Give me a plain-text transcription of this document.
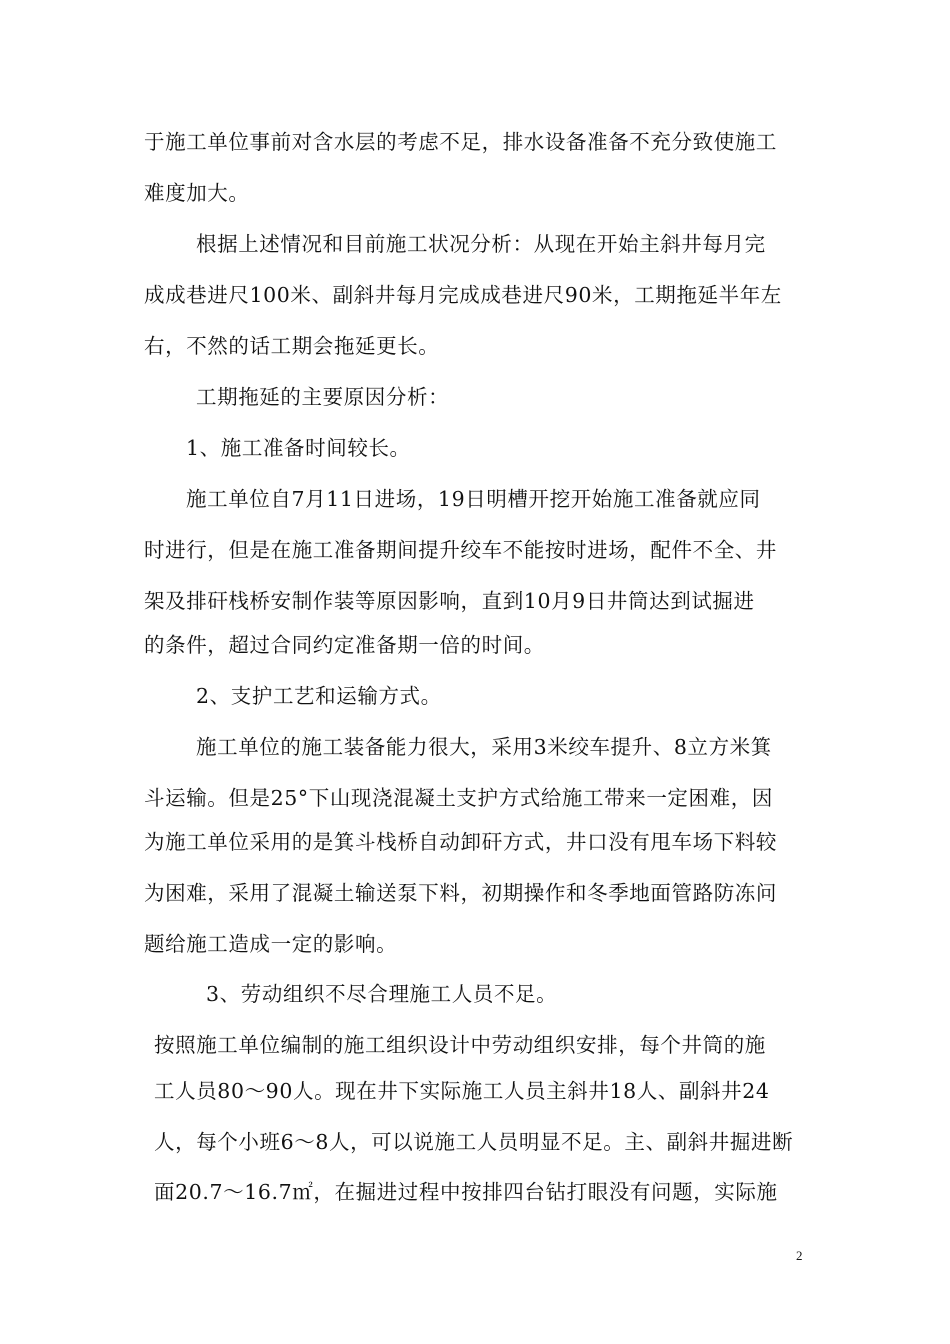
于施工单位事前对含水层的考虑不足，排水设备准备不充分致使施工
难度加大。
根据上述情况和目前施工状况分析：从现在开始主斜井每月完
成成巷进尺100米、副斜井每月完成成巷进尺90米，工期拖延半年左
右，不然的话工期会拖延更长。
工期拖延的主要原因分析：
1、施工准备时间较长。
施工单位自7月11日进场，19日明槽开挖开始施工准备就应同
时进行，但是在施工准备期间提升绞车不能按时进场，配件不全、井
架及排矸栈桥安制作装等原因影响，直到10月9日井筒达到试掘进
的条件，超过合同约定准备期一倍的时间。
2、支护工艺和运输方式。
施工单位的施工装备能力很大，采用3米绞车提升、8立方米箕
斗运输。但是25°下山现浇混凝土支护方式给施工带来一定困难，因
为施工单位采用的是箕斗栈桥自动卸矸方式，井口没有甩车场下料较
为困难，采用了混凝土输送泵下料，初期操作和冬季地面管路防冻问
题给施工造成一定的影响。
3、劳动组织不尽合理施工人员不足。
按照施工单位编制的施工组织设计中劳动组织安排，每个井筒的施
工人员80～90人。现在井下实际施工人员主斜井18人、副斜井24
人，每个小班6～8人，可以说施工人员明显不足。主、副斜井掘进断
面20.7～16.7㎡，在掘进过程中按排四台钻打眼没有问题，实际施
2
